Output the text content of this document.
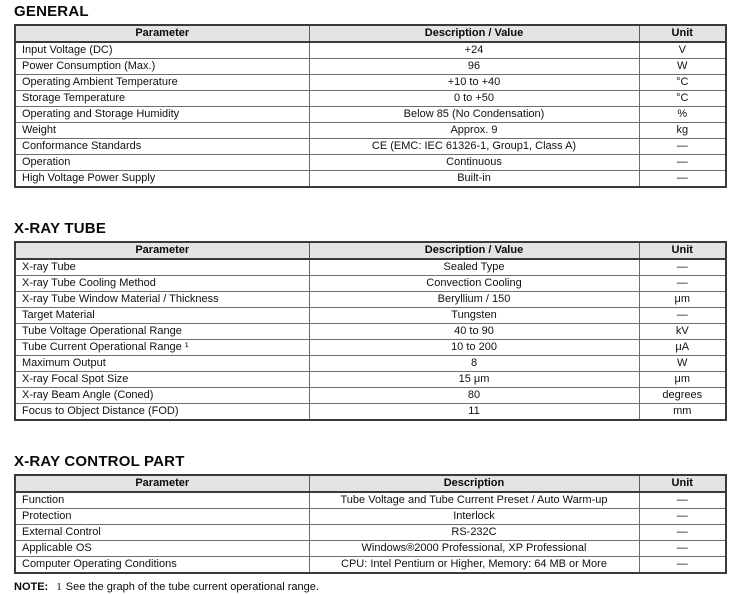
GENERAL
Parameter	Description / Value	Unit
Input Voltage (DC)	+24	V
Power Consumption (Max.)	96	W
Operating Ambient Temperature	+10 to +40	°C
Storage Temperature	0 to +50	°C
Operating and Storage Humidity	Below 85 (No Condensation)	%
Weight	Approx. 9	kg
Conformance Standards	CE (EMC: IEC 61326-1, Group1, Class A)	—
Operation	Continuous	—
High Voltage Power Supply	Built-in	—
X-RAY TUBE
Parameter	Description / Value	Unit
X-ray Tube	Sealed Type	—
X-ray Tube Cooling Method	Convection Cooling	—
X-ray Tube Window Material / Thickness	Beryllium / 150	μm
Target Material	Tungsten	—
Tube Voltage Operational Range	40 to 90	kV
Tube Current Operational Range ¹	10 to 200	μA
Maximum Output	8	W
X-ray Focal Spot Size	15 μm	μm
X-ray Beam Angle (Coned)	80	degrees
Focus to Object Distance (FOD)	11	mm
X-RAY CONTROL PART
Parameter	Description	Unit
Function	Tube Voltage and Tube Current Preset / Auto Warm-up	—
Protection	Interlock	—
External Control	RS-232C	—
Applicable OS	Windows®2000 Professional, XP Professional	—
Computer Operating Conditions	CPU: Intel Pentium or Higher, Memory: 64 MB or More	—
NOTE: 1 See the graph of the tube current operational range.
